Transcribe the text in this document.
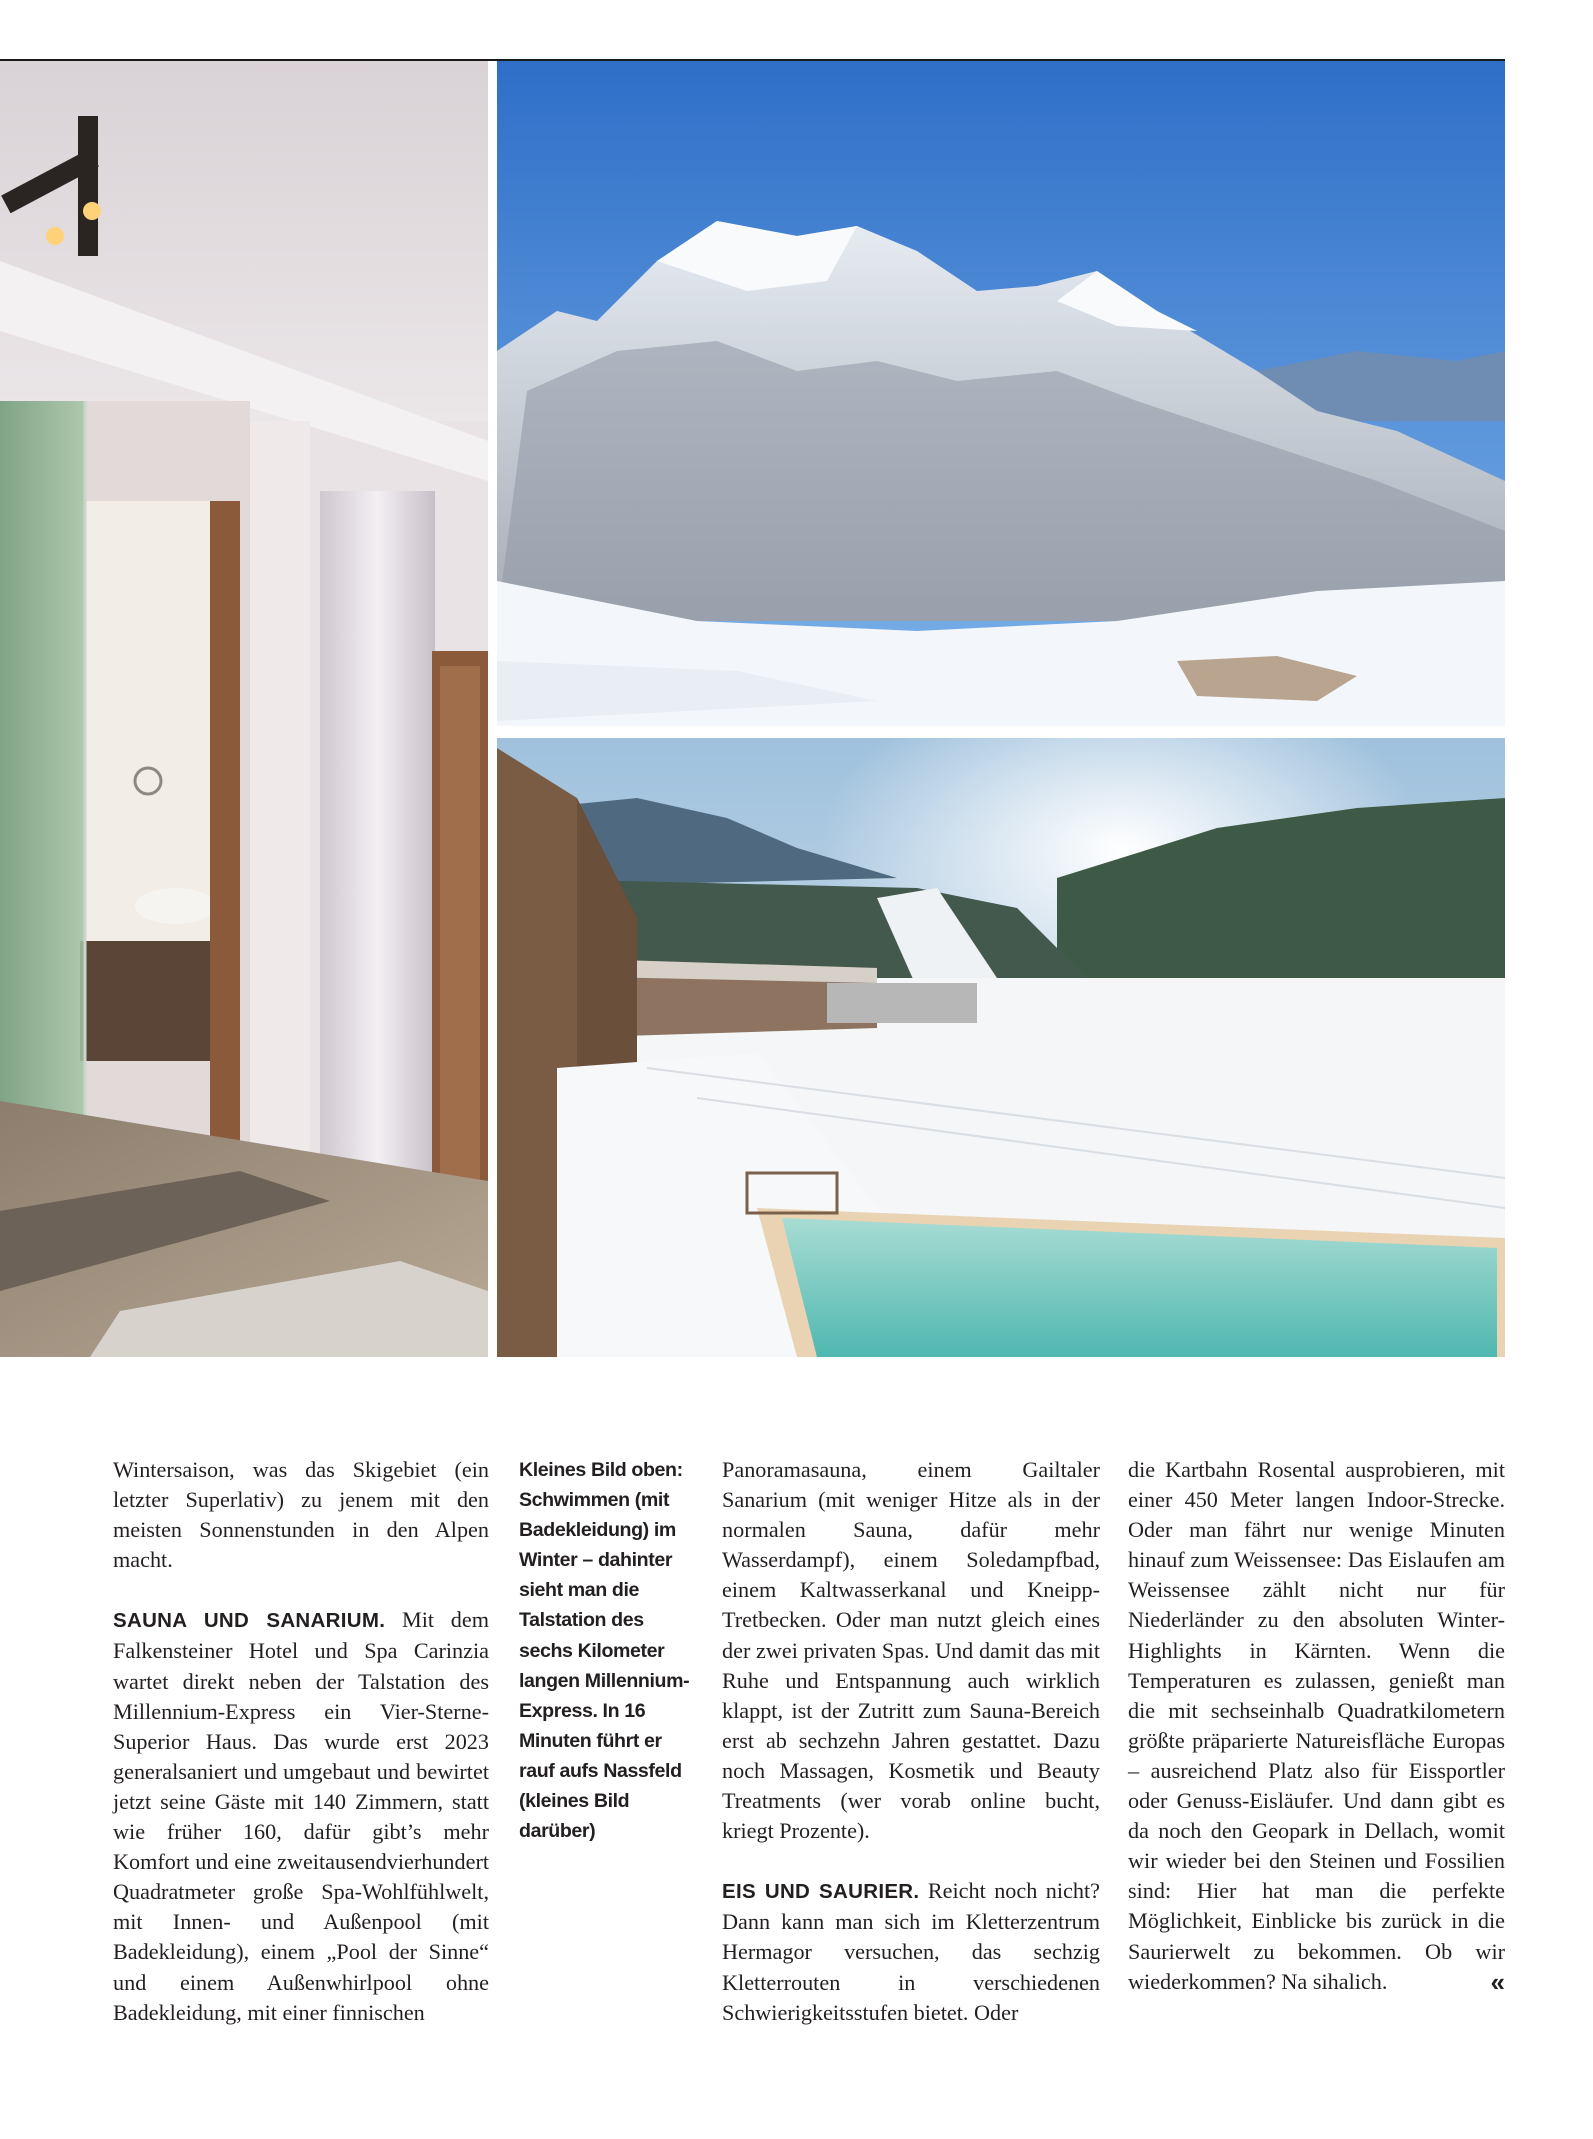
Wintersaison, was das Skigebiet (ein letzter Superlativ) zu jenem mit den meisten Sonnenstunden in den Alpen macht.

SAUNA UND SANARIUM. Mit dem Falkensteiner Hotel und Spa Carinzia wartet direkt neben der Talstation des Millennium-Express ein Vier-Sterne-Superior Haus. Das wurde erst 2023 generalsaniert und umgebaut und bewirtet jetzt seine Gäste mit 140 Zimmern, statt wie früher 160, dafür gibt’s mehr Komfort und eine zweitausendvierhundert Quadratmeter große Spa-Wohlfühlwelt, mit Innen- und Außenpool (mit Badekleidung), einem „Pool der Sinne“ und einem Außenwhirlpool ohne Badekleidung, mit einer finnischen

Kleines Bild oben: Schwimmen (mit Badekleidung) im Winter – dahinter sieht man die Talstation des sechs Kilometer langen Millennium-Express. In 16 Minuten führt er rauf aufs Nassfeld (kleines Bild darüber)

Panoramasauna, einem Gailtaler Sanarium (mit weniger Hitze als in der normalen Sauna, dafür mehr Wasserdampf), einem Soledampfbad, einem Kaltwasserkanal und Kneipp-Tretbecken. Oder man nutzt gleich eines der zwei privaten Spas. Und damit das mit Ruhe und Entspannung auch wirklich klappt, ist der Zutritt zum Sauna-Bereich erst ab sechzehn Jahren gestattet. Dazu noch Massagen, Kosmetik und Beauty Treatments (wer vorab online bucht, kriegt Prozente).

EIS UND SAURIER. Reicht noch nicht? Dann kann man sich im Kletterzentrum Hermagor versuchen, das sechzig Kletterrouten in verschiedenen Schwierigkeitsstufen bietet. Oder

die Kartbahn Rosental ausprobieren, mit einer 450 Meter langen Indoor-Strecke. Oder man fährt nur wenige Minuten hinauf zum Weissensee: Das Eislaufen am Weissensee zählt nicht nur für Niederländer zu den absoluten Winter-Highlights in Kärnten. Wenn die Temperaturen es zulassen, genießt man die mit sechseinhalb Quadratkilometern größte präparierte Natureisfläche Europas – ausreichend Platz also für Eissportler oder Genuss-Eisläufer. Und dann gibt es da noch den Geopark in Dellach, womit wir wieder bei den Steinen und Fossilien sind: Hier hat man die perfekte Möglichkeit, Einblicke bis zurück in die Saurierwelt zu bekommen. Ob wir wiederkommen? Na sihalich.	«
